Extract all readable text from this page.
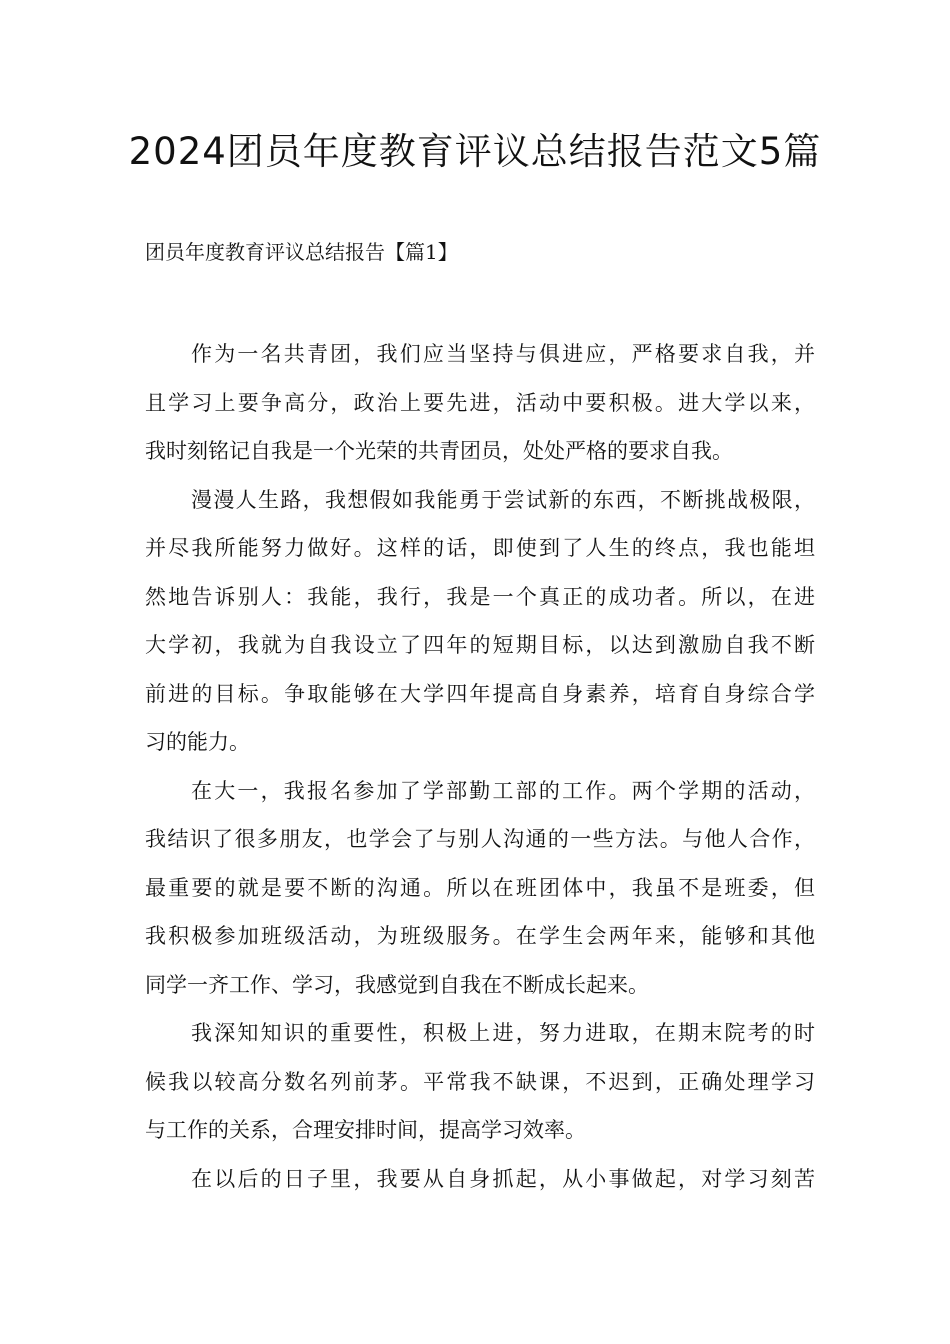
2024团员年度教育评议总结报告范文5篇

团员年度教育评议总结报告【篇1】

作为一名共青团，我们应当坚持与俱进应，严格要求自我，并
且学习上要争高分，政治上要先进，活动中要积极。进大学以来，
我时刻铭记自我是一个光荣的共青团员，处处严格的要求自我。

漫漫人生路，我想假如我能勇于尝试新的东西，不断挑战极限，
并尽我所能努力做好。这样的话，即使到了人生的终点，我也能坦
然地告诉别人：我能，我行，我是一个真正的成功者。所以，在进
大学初，我就为自我设立了四年的短期目标，以达到激励自我不断
前进的目标。争取能够在大学四年提高自身素养，培育自身综合学
习的能力。

在大一，我报名参加了学部勤工部的工作。两个学期的活动，
我结识了很多朋友，也学会了与别人沟通的一些方法。与他人合作，
最重要的就是要不断的沟通。所以在班团体中，我虽不是班委，但
我积极参加班级活动，为班级服务。在学生会两年来，能够和其他
同学一齐工作、学习，我感觉到自我在不断成长起来。

我深知知识的重要性，积极上进，努力进取，在期末院考的时
候我以较高分数名列前茅。平常我不缺课，不迟到，正确处理学习
与工作的关系，合理安排时间，提高学习效率。

在以后的日子里，我要从自身抓起，从小事做起，对学习刻苦
